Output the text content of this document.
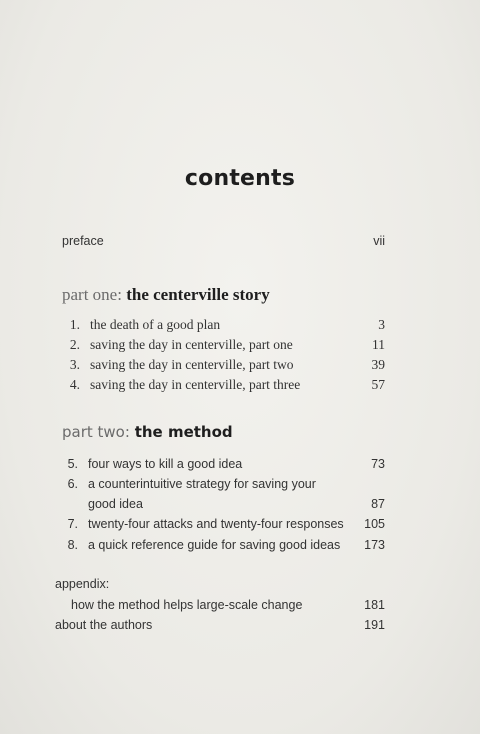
contents
preface	vii
part one: the centerville story
1. the death of a good plan	3
2. saving the day in centerville, part one	11
3. saving the day in centerville, part two	39
4. saving the day in centerville, part three	57
part two: the method
5. four ways to kill a good idea	73
6. a counterintuitive strategy for saving your
good idea	87
7. twenty-four attacks and twenty-four responses 105
8. a quick reference guide for saving good ideas 173
appendix:
how the method helps large-scale change	181
about the authors	191
